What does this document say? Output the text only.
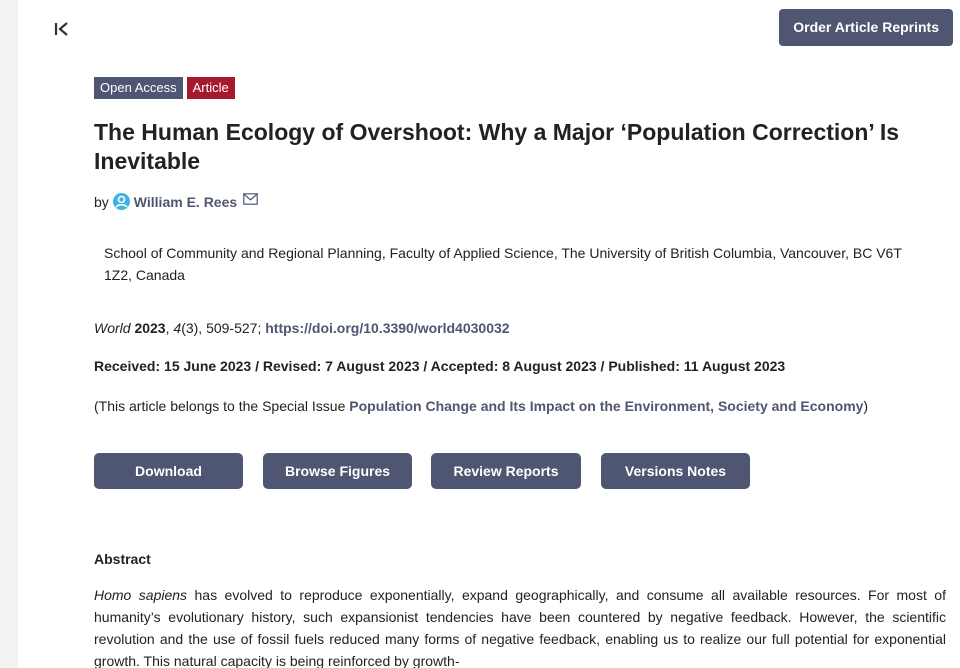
Order Article Reprints
Open Access	Article
The Human Ecology of Overshoot: Why a Major ‘Population Correction’ Is Inevitable
by William E. Rees
School of Community and Regional Planning, Faculty of Applied Science, The University of British Columbia, Vancouver, BC V6T 1Z2, Canada
World 2023, 4(3), 509-527; https://doi.org/10.3390/world4030032
Received: 15 June 2023 / Revised: 7 August 2023 / Accepted: 8 August 2023 / Published: 11 August 2023
(This article belongs to the Special Issue Population Change and Its Impact on the Environment, Society and Economy)
Download	Browse Figures	Review Reports	Versions Notes
Abstract
Homo sapiens has evolved to reproduce exponentially, expand geographically, and consume all available resources. For most of humanity’s evolutionary history, such expansionist tendencies have been countered by negative feedback. However, the scientific revolution and the use of fossil fuels reduced many forms of negative feedback, enabling us to realize our full potential for exponential growth. This natural capacity is being reinforced by growth-
